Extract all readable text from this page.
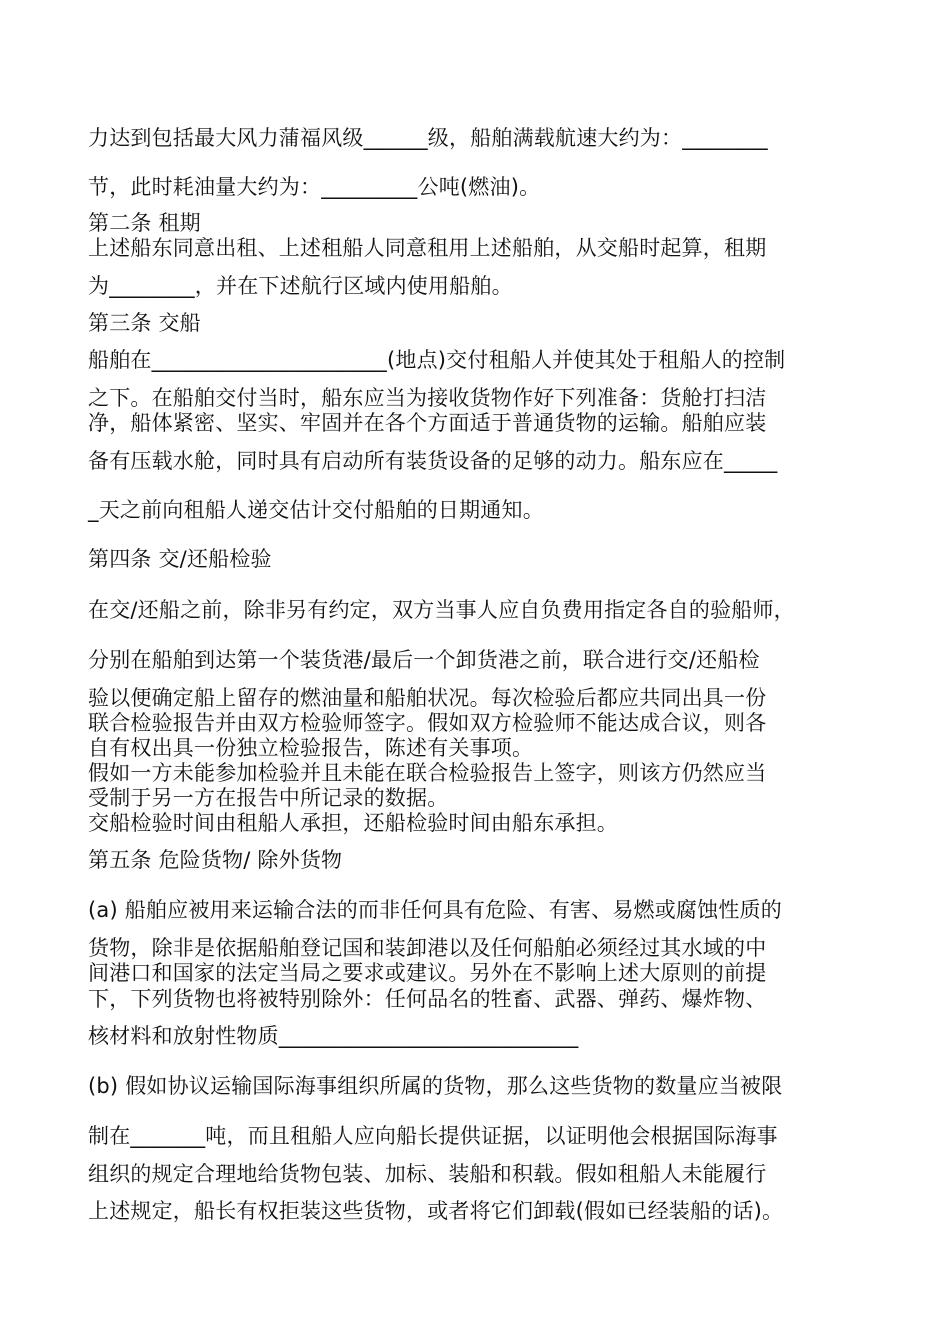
力达到包括最大风力蒲福风级______级，船舶满载航速大约为：________
节，此时耗油量大约为：_________公吨(燃油)。
第二条 租期
上述船东同意出租、上述租船人同意租用上述船舶，从交船时起算，租期
为________，并在下述航行区域内使用船舶。
第三条 交船
船舶在______________________(地点)交付租船人并使其处于租船人的控制
之下。在船舶交付当时，船东应当为接收货物作好下列准备：货舱打扫洁
净，船体紧密、坚实、牢固并在各个方面适于普通货物的运输。船舶应装
备有压载水舱，同时具有启动所有装货设备的足够的动力。船东应在_____
_天之前向租船人递交估计交付船舶的日期通知。
第四条 交/还船检验
在交/还船之前，除非另有约定，双方当事人应自负费用指定各自的验船师，
分别在船舶到达第一个装货港/最后一个卸货港之前，联合进行交/还船检
验以便确定船上留存的燃油量和船舶状况。每次检验后都应共同出具一份
联合检验报告并由双方检验师签字。假如双方检验师不能达成合议，则各
自有权出具一份独立检验报告，陈述有关事项。
假如一方未能参加检验并且未能在联合检验报告上签字，则该方仍然应当
受制于另一方在报告中所记录的数据。
交船检验时间由租船人承担，还船检验时间由船东承担。
第五条 危险货物/ 除外货物
(a) 船舶应被用来运输合法的而非任何具有危险、有害、易燃或腐蚀性质的
货物，除非是依据船舶登记国和装卸港以及任何船舶必须经过其水域的中
间港口和国家的法定当局之要求或建议。另外在不影响上述大原则的前提
下，下列货物也将被特别除外：任何品名的牲畜、武器、弹药、爆炸物、
核材料和放射性物质____________________________
(b) 假如协议运输国际海事组织所属的货物，那么这些货物的数量应当被限
制在_______吨，而且租船人应向船长提供证据，以证明他会根据国际海事
组织的规定合理地给货物包装、加标、装船和积载。假如租船人未能履行
上述规定，船长有权拒装这些货物，或者将它们卸载(假如已经装船的话)。
